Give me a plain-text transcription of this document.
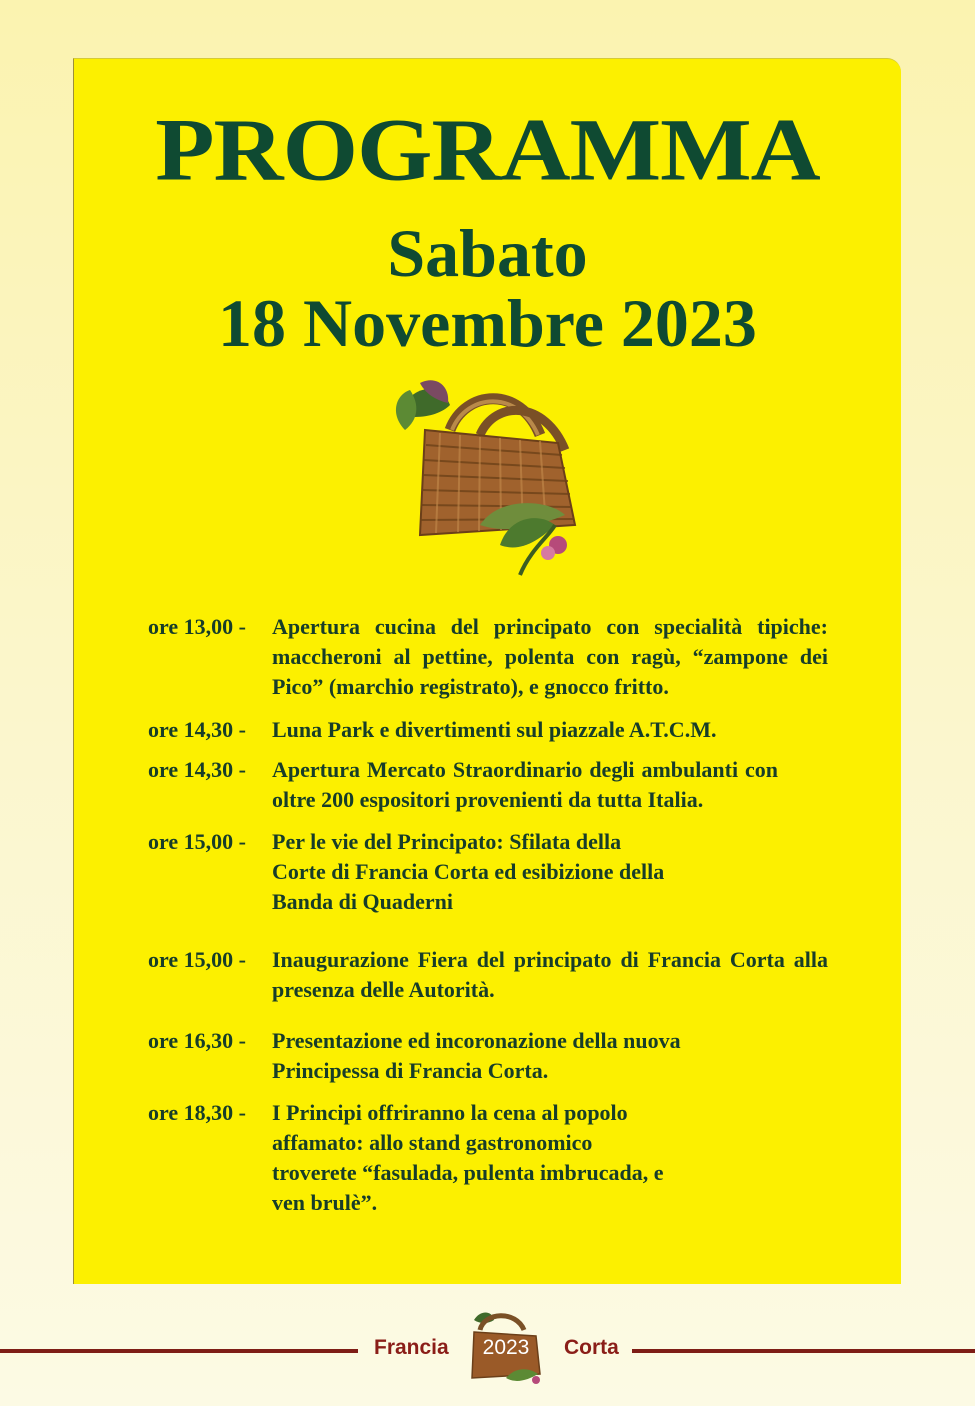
PROGRAMMA
Sabato
18 Novembre 2023
ore 13,00 -	Apertura cucina del principato con specialità tipiche: maccheroni al pettine, polenta con ragù, “zampone dei Pico” (marchio registrato), e gnocco fritto.
ore 14,30 -	Luna Park e divertimenti sul piazzale A.T.C.M.
ore 14,30 -	Apertura Mercato Straordinario degli ambulanti con oltre 200 espositori provenienti da tutta Italia.
ore 15,00 -	Per le vie del Principato: Sfilata della Corte di Francia Corta ed esibizione della Banda di Quaderni
ore 15,00 -	Inaugurazione Fiera del principato di Francia Corta alla presenza delle Autorità.
ore 16,30 -	Presentazione ed incoronazione della nuova Principessa di Francia Corta.
ore 18,30 -	I Principi offriranno la cena al popolo affamato: allo stand gastronomico troverete “fasulada, pulenta imbrucada, e ven brulè”.
Francia	Corta
2023
